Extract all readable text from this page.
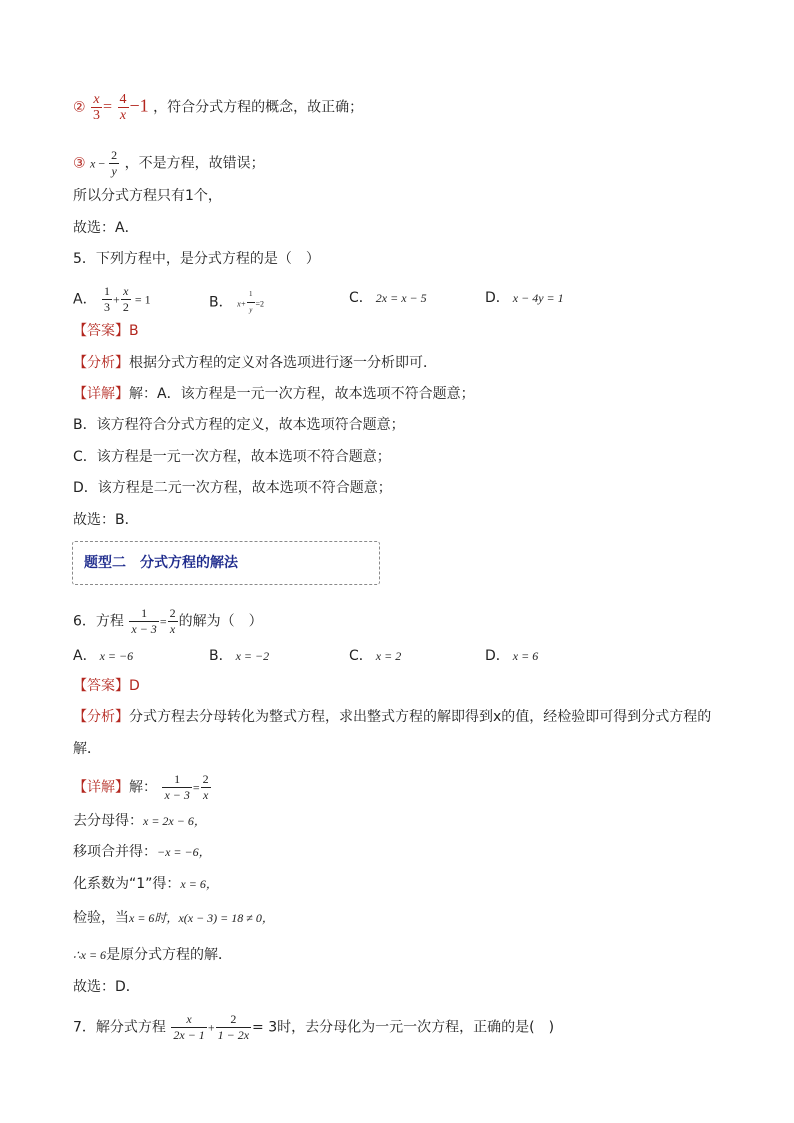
② $\frac{x}{3} = \frac{4}{x} -1$ ，符合分式方程的概念，故正确；
③ $x - \frac{2}{y}$ ，不是方程，故错误；
所以分式方程只有1个，
故选：A．
5．下列方程中，是分式方程的是（　）
A． $\frac{1}{3} + \frac{x}{2} = 1$	B． $x+ \frac{1}{y} =2$	C． 2x = x − 5	D． x − 4y = 1
【答案】B
【分析】根据分式方程的定义对各选项进行逐一分析即可．
【详解】解：A．该方程是一元一次方程，故本选项不符合题意；
B．该方程符合分式方程的定义，故本选项符合题意；
C．该方程是一元一次方程，故本选项不符合题意；
D．该方程是二元一次方程，故本选项不符合题意；
故选：B．
题型二　分式方程的解法
6．方程 $\frac{1}{x - 3} = \frac{2}{x}$ 的解为（　）
A． x = −6	B． x = −2	C． x = 2	D． x = 6
【答案】D
【分析】分式方程去分母转化为整式方程，求出整式方程的解即得到x的值，经检验即可得到分式方程的
解．
【详解】解： $\frac{1}{x - 3} = \frac{2}{x}$
去分母得：x = 2x − 6，
移项合并得：−x = −6，
化系数为“1”得：x = 6，
检验，当x = 6时，x(x − 3) = 18 ≠ 0，
∴x = 6是原分式方程的解．
故选：D．
7．解分式方程 $\frac{x}{2x - 1} + \frac{2}{1 - 2x} = 3$时，去分母化为一元一次方程，正确的是(　)
